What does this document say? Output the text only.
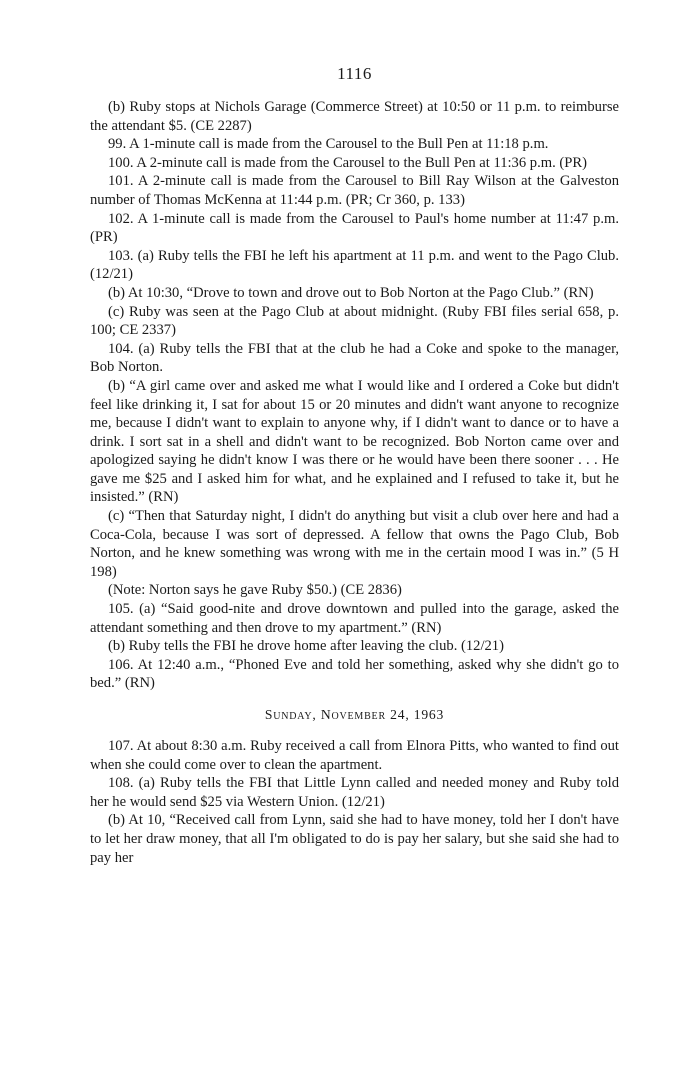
1116

(b) Ruby stops at Nichols Garage (Commerce Street) at 10:50 or 11 p.m. to reimburse the attendant $5. (CE 2287)

99. A 1-minute call is made from the Carousel to the Bull Pen at 11:18 p.m.

100. A 2-minute call is made from the Carousel to the Bull Pen at 11:36 p.m. (PR)

101. A 2-minute call is made from the Carousel to Bill Ray Wilson at the Galveston number of Thomas McKenna at 11:44 p.m. (PR; Cr 360, p. 133)

102. A 1-minute call is made from the Carousel to Paul's home number at 11:47 p.m. (PR)

103. (a) Ruby tells the FBI he left his apartment at 11 p.m. and went to the Pago Club. (12/21)

(b) At 10:30, “Drove to town and drove out to Bob Norton at the Pago Club.” (RN)

(c) Ruby was seen at the Pago Club at about midnight. (Ruby FBI files serial 658, p. 100; CE 2337)

104. (a) Ruby tells the FBI that at the club he had a Coke and spoke to the manager, Bob Norton.

(b) “A girl came over and asked me what I would like and I ordered a Coke but didn't feel like drinking it, I sat for about 15 or 20 minutes and didn't want anyone to recognize me, because I didn't want to explain to anyone why, if I didn't want to dance or to have a drink. I sort sat in a shell and didn't want to be recognized. Bob Norton came over and apologized saying he didn't know I was there or he would have been there sooner . . . He gave me $25 and I asked him for what, and he explained and I refused to take it, but he insisted.” (RN)

(c) “Then that Saturday night, I didn't do anything but visit a club over here and had a Coca-Cola, because I was sort of depressed. A fellow that owns the Pago Club, Bob Norton, and he knew something was wrong with me in the certain mood I was in.” (5 H 198)

(Note: Norton says he gave Ruby $50.) (CE 2836)

105. (a) “Said good-nite and drove downtown and pulled into the garage, asked the attendant something and then drove to my apartment.” (RN)

(b) Ruby tells the FBI he drove home after leaving the club. (12/21)

106. At 12:40 a.m., “Phoned Eve and told her something, asked why she didn't go to bed.” (RN)

Sunday, November 24, 1963

107. At about 8:30 a.m. Ruby received a call from Elnora Pitts, who wanted to find out when she could come over to clean the apartment.

108. (a) Ruby tells the FBI that Little Lynn called and needed money and Ruby told her he would send $25 via Western Union. (12/21)

(b) At 10, “Received call from Lynn, said she had to have money, told her I don't have to let her draw money, that all I'm obligated to do is pay her salary, but she said she had to pay her
